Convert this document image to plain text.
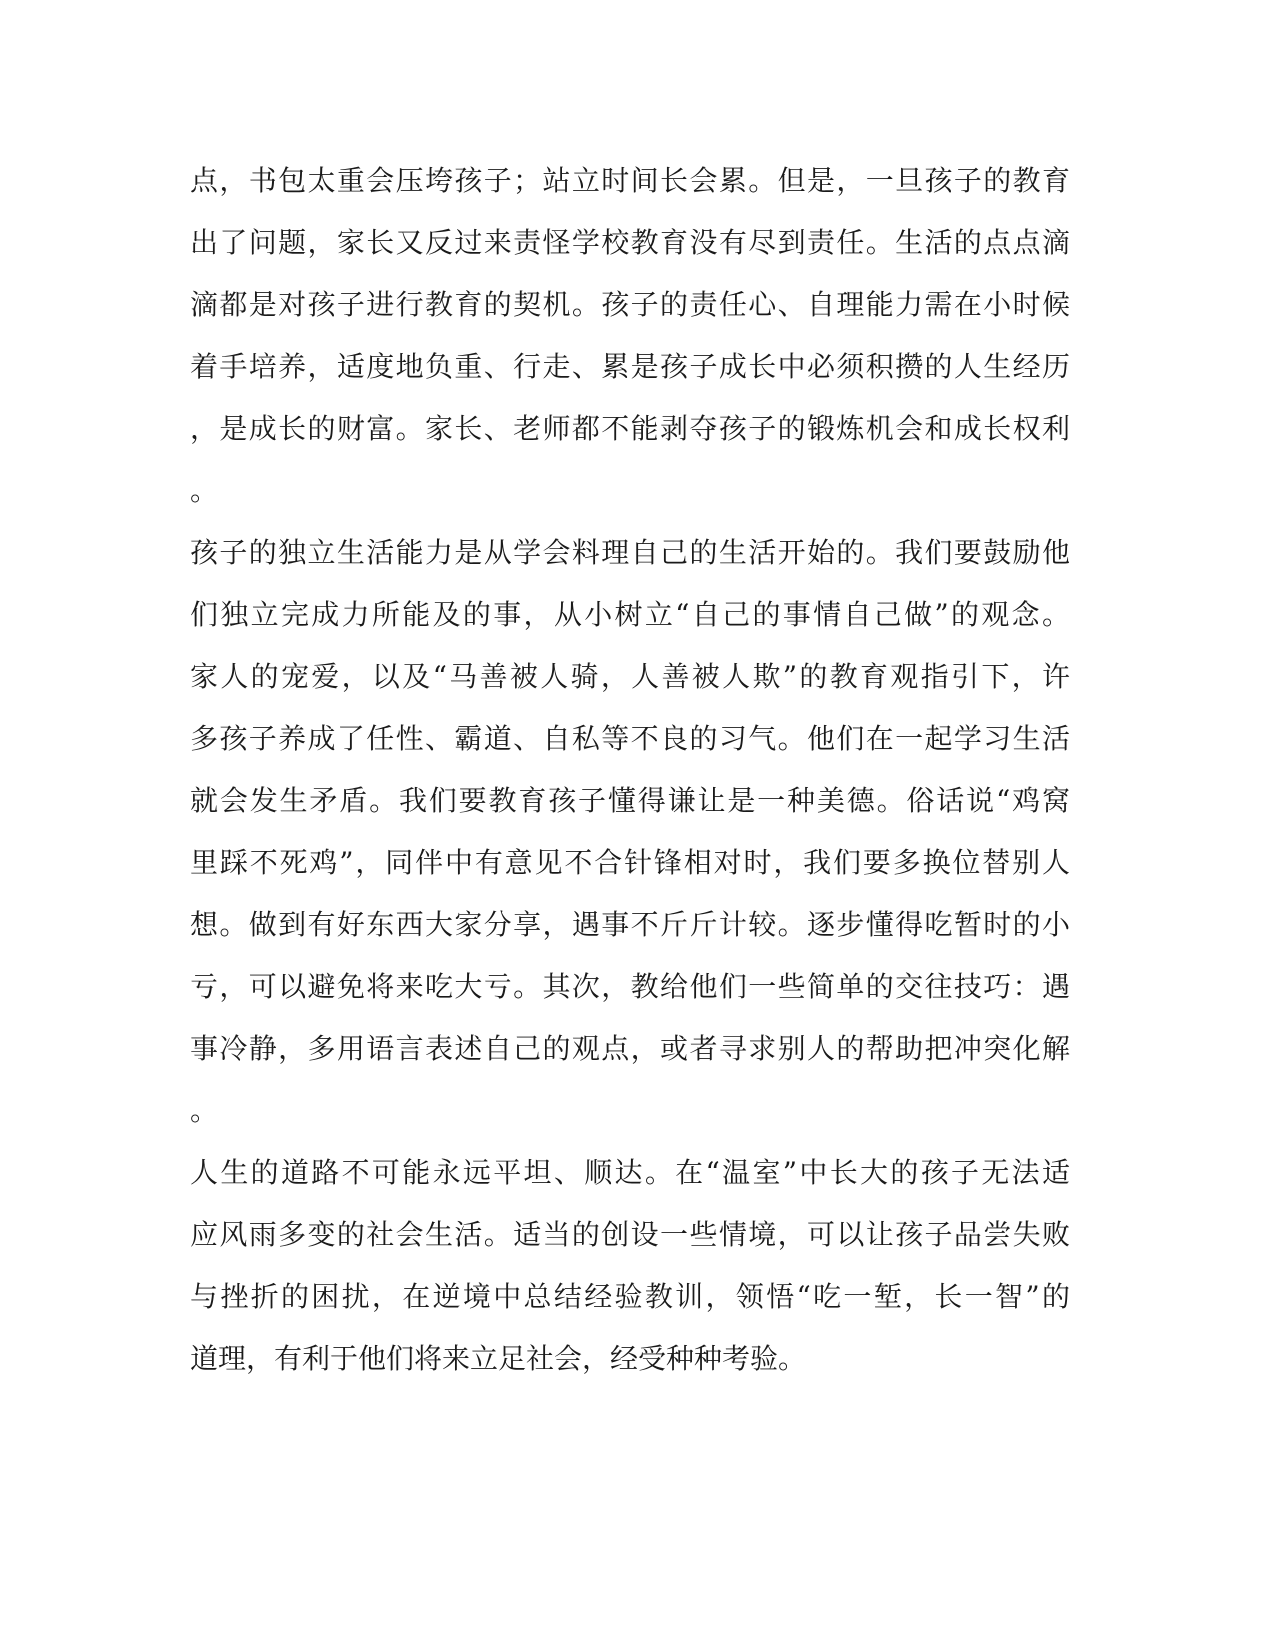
点，书包太重会压垮孩子；站立时间长会累。但是，一旦孩子的教育
出了问题，家长又反过来责怪学校教育没有尽到责任。生活的点点滴
滴都是对孩子进行教育的契机。孩子的责任心、自理能力需在小时候
着手培养，适度地负重、行走、累是孩子成长中必须积攒的人生经历
，是成长的财富。家长、老师都不能剥夺孩子的锻炼机会和成长权利
。
孩子的独立生活能力是从学会料理自己的生活开始的。我们要鼓励他
们独立完成力所能及的事，从小树立“自己的事情自己做”的观念。
家人的宠爱，以及“马善被人骑，人善被人欺”的教育观指引下，许
多孩子养成了任性、霸道、自私等不良的习气。他们在一起学习生活
就会发生矛盾。我们要教育孩子懂得谦让是一种美德。俗话说“鸡窝
里踩不死鸡”，同伴中有意见不合针锋相对时，我们要多换位替别人
想。做到有好东西大家分享，遇事不斤斤计较。逐步懂得吃暂时的小
亏，可以避免将来吃大亏。其次，教给他们一些简单的交往技巧：遇
事冷静，多用语言表述自己的观点，或者寻求别人的帮助把冲突化解
。
人生的道路不可能永远平坦、顺达。在“温室”中长大的孩子无法适
应风雨多变的社会生活。适当的创设一些情境，可以让孩子品尝失败
与挫折的困扰，在逆境中总结经验教训，领悟“吃一堑，长一智”的
道理，有利于他们将来立足社会，经受种种考验。
